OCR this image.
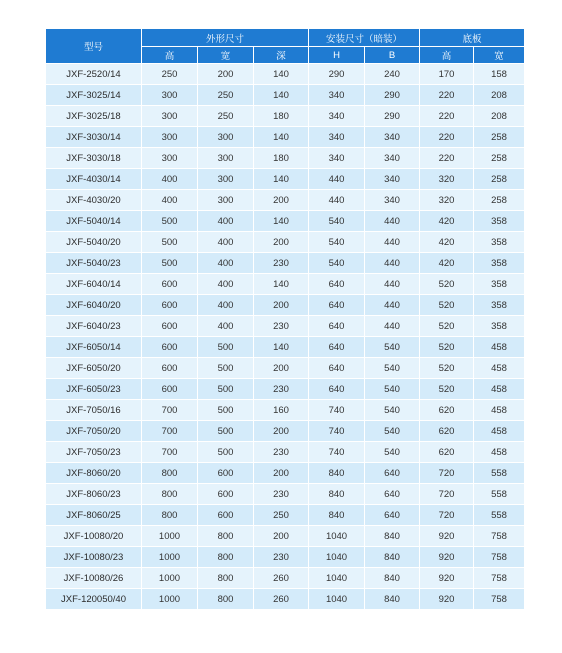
型号	外形尺寸			安装尺寸（暗装）		底板	
	高	宽	深	H	B	高	宽
JXF-2520/14	250	200	140	290	240	170	158
JXF-3025/14	300	250	140	340	290	220	208
JXF-3025/18	300	250	180	340	290	220	208
JXF-3030/14	300	300	140	340	340	220	258
JXF-3030/18	300	300	180	340	340	220	258
JXF-4030/14	400	300	140	440	340	320	258
JXF-4030/20	400	300	200	440	340	320	258
JXF-5040/14	500	400	140	540	440	420	358
JXF-5040/20	500	400	200	540	440	420	358
JXF-5040/23	500	400	230	540	440	420	358
JXF-6040/14	600	400	140	640	440	520	358
JXF-6040/20	600	400	200	640	440	520	358
JXF-6040/23	600	400	230	640	440	520	358
JXF-6050/14	600	500	140	640	540	520	458
JXF-6050/20	600	500	200	640	540	520	458
JXF-6050/23	600	500	230	640	540	520	458
JXF-7050/16	700	500	160	740	540	620	458
JXF-7050/20	700	500	200	740	540	620	458
JXF-7050/23	700	500	230	740	540	620	458
JXF-8060/20	800	600	200	840	640	720	558
JXF-8060/23	800	600	230	840	640	720	558
JXF-8060/25	800	600	250	840	640	720	558
JXF-10080/20	1000	800	200	1040	840	920	758
JXF-10080/23	1000	800	230	1040	840	920	758
JXF-10080/26	1000	800	260	1040	840	920	758
JXF-120050/40	1000	800	260	1040	840	920	758
